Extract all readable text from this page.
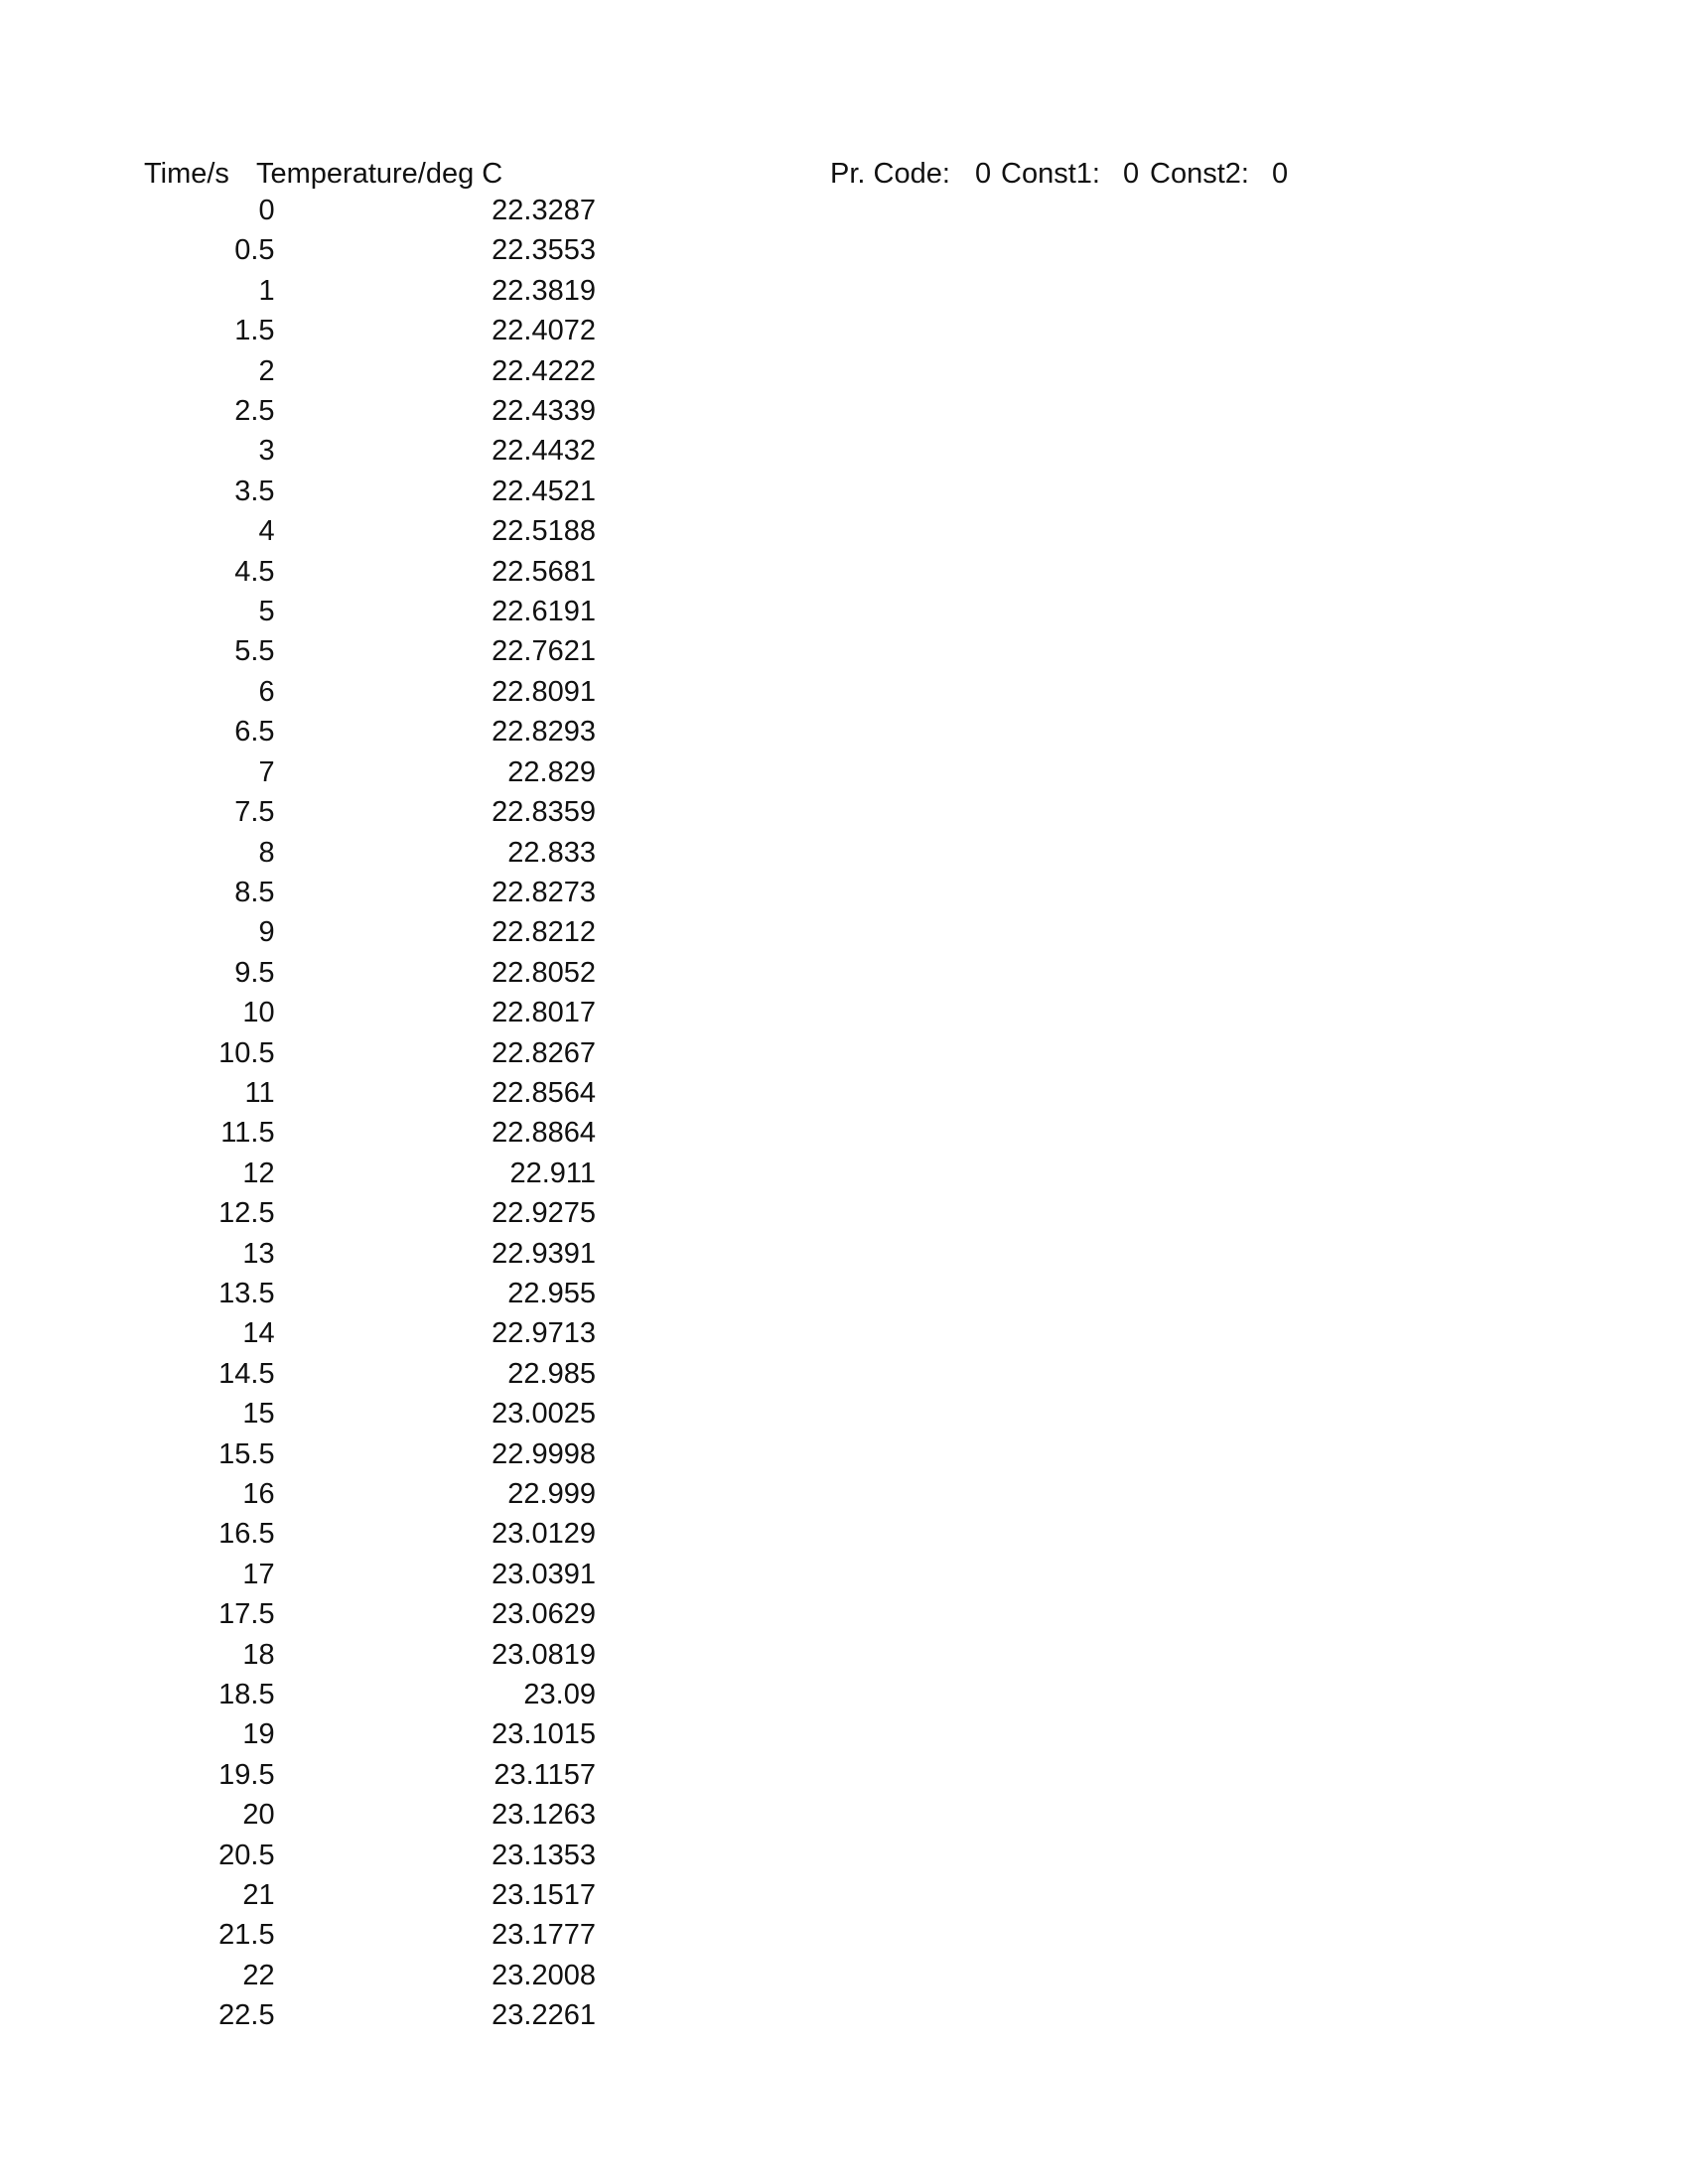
Time/s Temperature/deg C	Pr. Code: 0 Const1: 0 Const2: 0
	0	22.3287
	0.5	22.3553
	1	22.3819
	1.5	22.4072
	2	22.4222
	2.5	22.4339
	3	22.4432
	3.5	22.4521
	4	22.5188
	4.5	22.5681
	5	22.6191
	5.5	22.7621
	6	22.8091
	6.5	22.8293
	7	22.829
	7.5	22.8359
	8	22.833
	8.5	22.8273
	9	22.8212
	9.5	22.8052
	10	22.8017
	10.5	22.8267
	11	22.8564
	11.5	22.8864
	12	22.911
	12.5	22.9275
	13	22.9391
	13.5	22.955
	14	22.9713
	14.5	22.985
	15	23.0025
	15.5	22.9998
	16	22.999
	16.5	23.0129
	17	23.0391
	17.5	23.0629
	18	23.0819
	18.5	23.09
	19	23.1015
	19.5	23.1157
	20	23.1263
	20.5	23.1353
	21	23.1517
	21.5	23.1777
	22	23.2008
	22.5	23.2261
